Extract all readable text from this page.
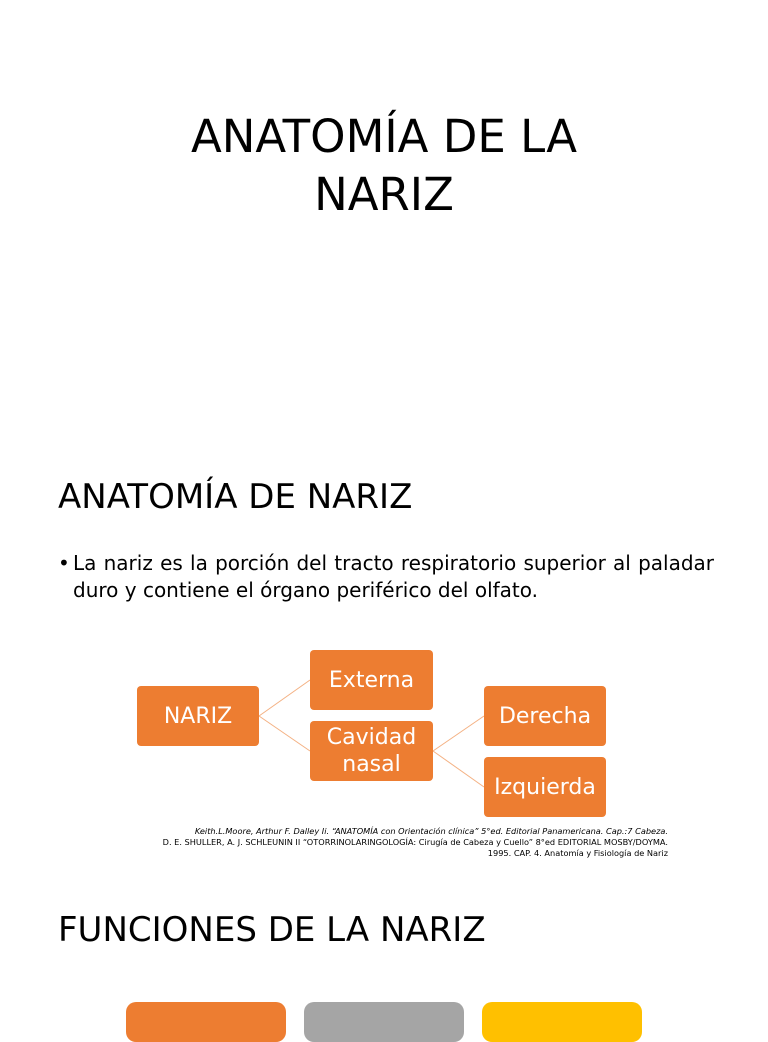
ANATOMÍA DE LA
NARIZ
ANATOMÍA DE NARIZ
• La nariz es la porción del tracto respiratorio superior al paladar duro y contiene el órgano periférico del olfato.
NARIZ
Externa
Cavidad nasal
Derecha
Izquierda
Keith.L.Moore, Arthur F. Dalley Ii. “ANATOMÍA con Orientación clínica” 5°ed. Editorial Panamericana. Cap.:7 Cabeza.
D. E. SHULLER, A. J. SCHLEUNIN II “OTORRINOLARINGOLOGÍA: Cirugía de Cabeza y Cuello” 8°ed EDITORIAL MOSBY/DOYMA.
1995. CAP. 4. Anatomía y Fisiología de Nariz
FUNCIONES DE LA NARIZ
